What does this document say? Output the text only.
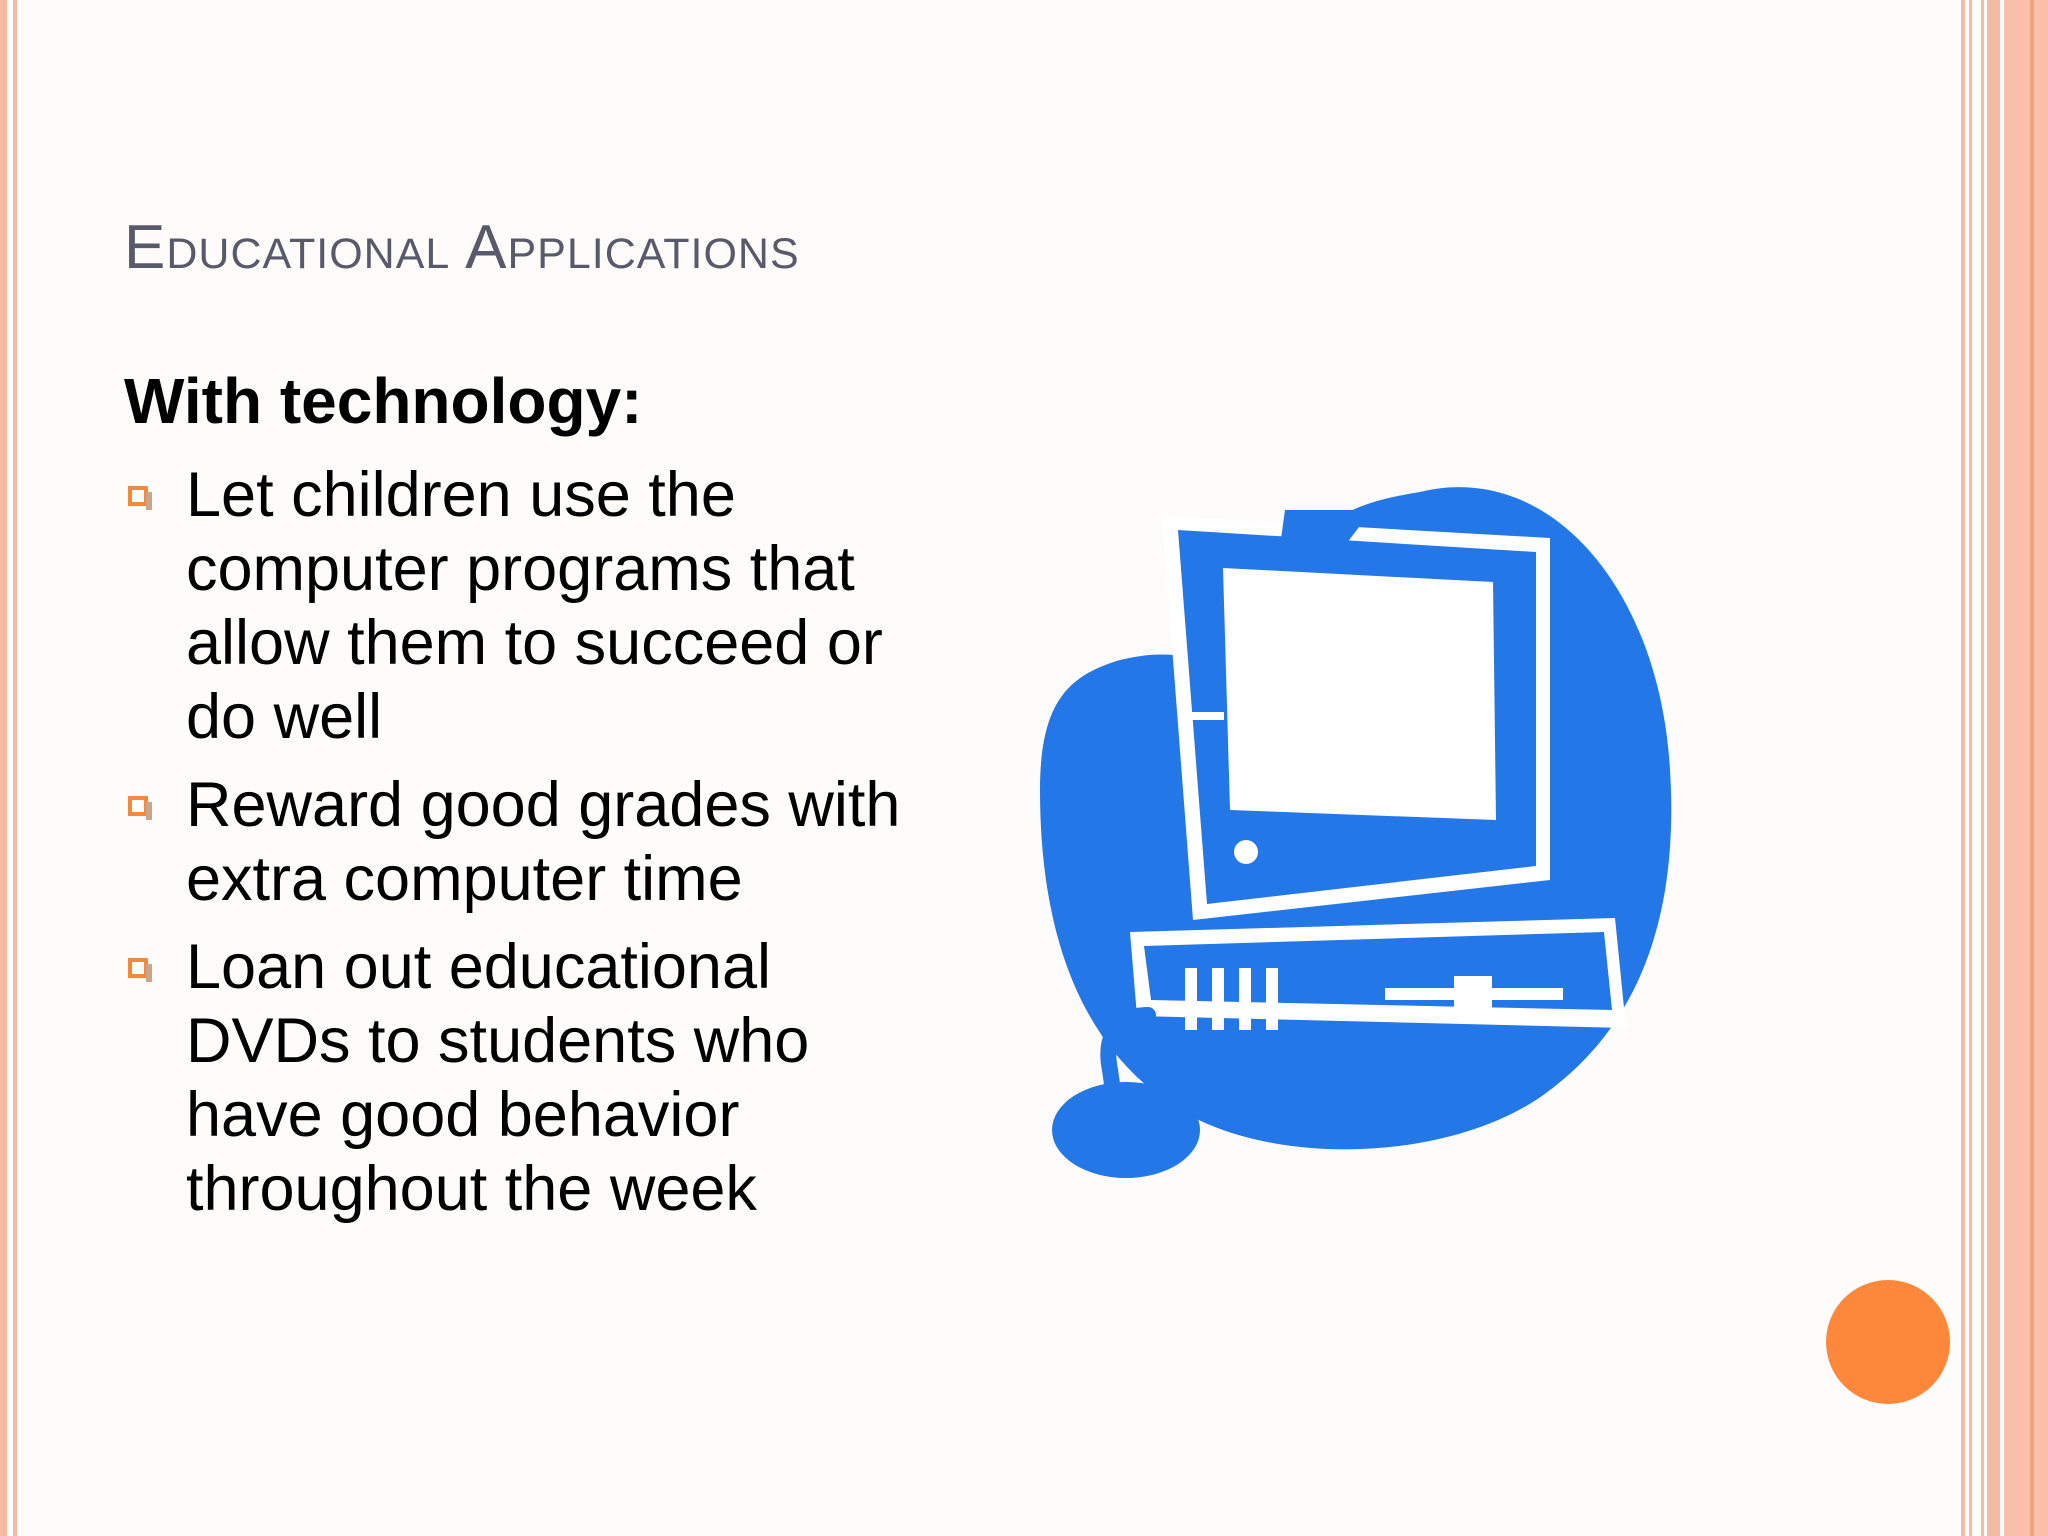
Educational Applications
With technology:
Let children use the computer programs that allow them to succeed or do well
Reward good grades with extra computer time
Loan out educational DVDs to students who have good behavior throughout the week
